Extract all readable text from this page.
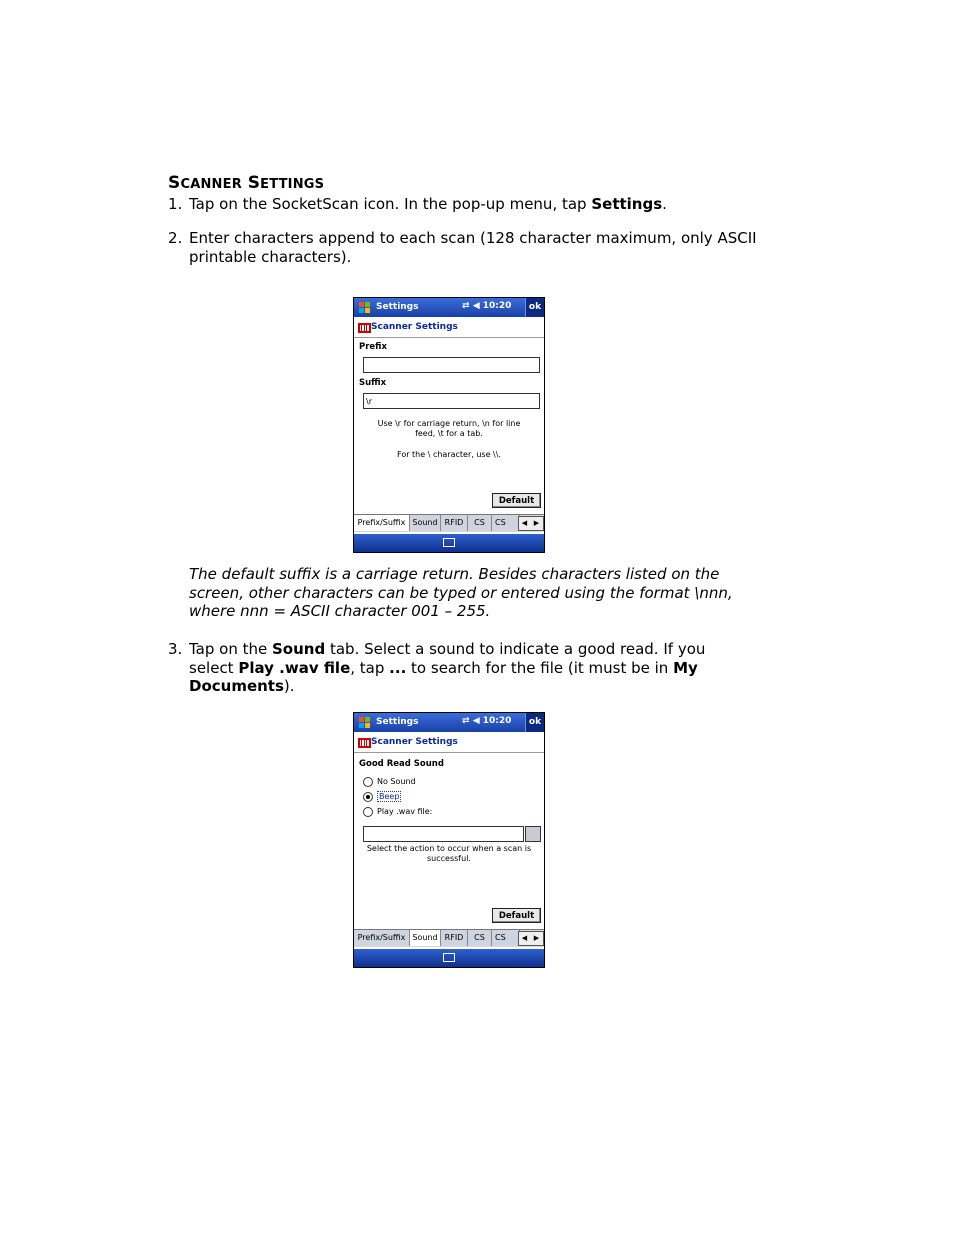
SCANNER SETTINGS
1. Tap on the SocketScan icon. In the pop-up menu, tap Settings.
2. Enter characters append to each scan (128 character maximum, only ASCII
printable characters).
Settings	⇄ ◀ 10:20	ok
Scanner Settings
Prefix
Suffix
\r
Use \r for carriage return, \n for line
feed, \t for a tab.
For the \ character, use \\.
Default
Prefix/Suffix Sound RFID	CS	CS	◀ ▶
The default suffix is a carriage return. Besides characters listed on the
screen, other characters can be typed or entered using the format \nnn,
where nnn = ASCII character 001 – 255.
3. Tap on the Sound tab. Select a sound to indicate a good read. If you
select Play .wav file, tap ... to search for the file (it must be in My
Documents).
Settings	⇄ ◀ 10:20	ok
Scanner Settings
Good Read Sound
No Sound
Beep
Play .wav file:
Select the action to occur when a scan is
successful.
Default
Prefix/Suffix Sound RFID	CS	CS	◀ ▶
